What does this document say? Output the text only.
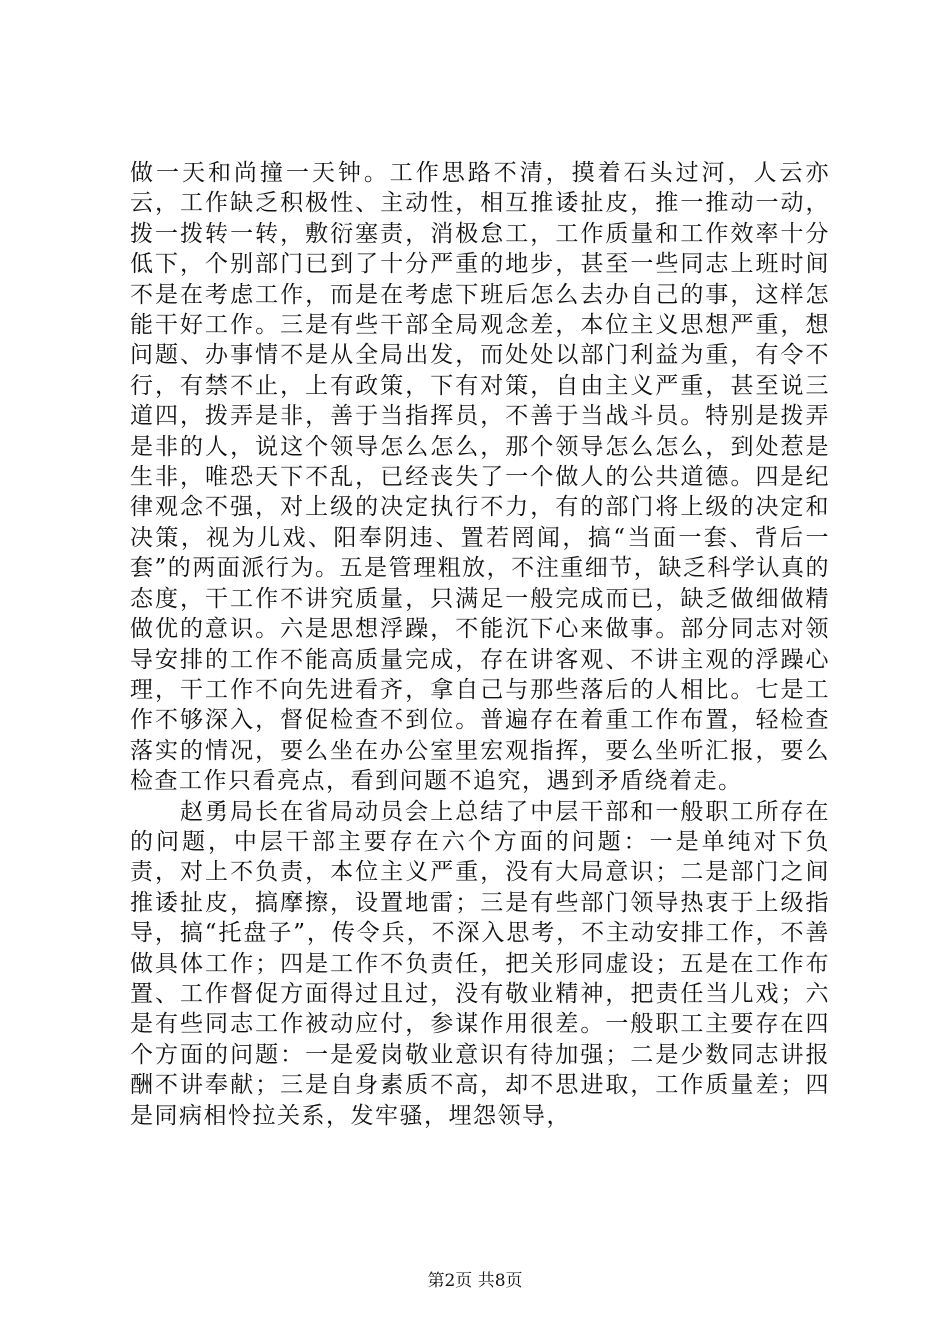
做一天和尚撞一天钟。工作思路不清，摸着石头过河，人云亦云，工作缺乏积极性、主动性，相互推诿扯皮，推一推动一动，拨一拨转一转，敷衍塞责，消极怠工，工作质量和工作效率十分低下，个别部门已到了十分严重的地步，甚至一些同志上班时间不是在考虑工作，而是在考虑下班后怎么去办自己的事，这样怎能干好工作。三是有些干部全局观念差，本位主义思想严重，想问题、办事情不是从全局出发，而处处以部门利益为重，有令不行，有禁不止，上有政策，下有对策，自由主义严重，甚至说三道四，拨弄是非，善于当指挥员，不善于当战斗员。特别是拨弄是非的人，说这个领导怎么怎么，那个领导怎么怎么，到处惹是生非，唯恐天下不乱，已经丧失了一个做人的公共道德。四是纪律观念不强，对上级的决定执行不力，有的部门将上级的决定和决策，视为儿戏、阳奉阴违、置若罔闻，搞“当面一套、背后一套”的两面派行为。五是管理粗放，不注重细节，缺乏科学认真的态度，干工作不讲究质量，只满足一般完成而已，缺乏做细做精做优的意识。六是思想浮躁，不能沉下心来做事。部分同志对领导安排的工作不能高质量完成，存在讲客观、不讲主观的浮躁心理，干工作不向先进看齐，拿自己与那些落后的人相比。七是工作不够深入，督促检查不到位。普遍存在着重工作布置，轻检查落实的情况，要么坐在办公室里宏观指挥，要么坐听汇报，要么检查工作只看亮点，看到问题不追究，遇到矛盾绕着走。

赵勇局长在省局动员会上总结了中层干部和一般职工所存在的问题，中层干部主要存在六个方面的问题：一是单纯对下负责，对上不负责，本位主义严重，没有大局意识；二是部门之间推诿扯皮，搞摩擦，设置地雷；三是有些部门领导热衷于上级指导，搞“托盘子”，传令兵，不深入思考，不主动安排工作，不善做具体工作；四是工作不负责任，把关形同虚设；五是在工作布置、工作督促方面得过且过，没有敬业精神，把责任当儿戏；六是有些同志工作被动应付，参谋作用很差。一般职工主要存在四个方面的问题：一是爱岗敬业意识有待加强；二是少数同志讲报酬不讲奉献；三是自身素质不高，却不思进取，工作质量差；四是同病相怜拉关系，发牢骚，埋怨领导，

第2页 共8页
